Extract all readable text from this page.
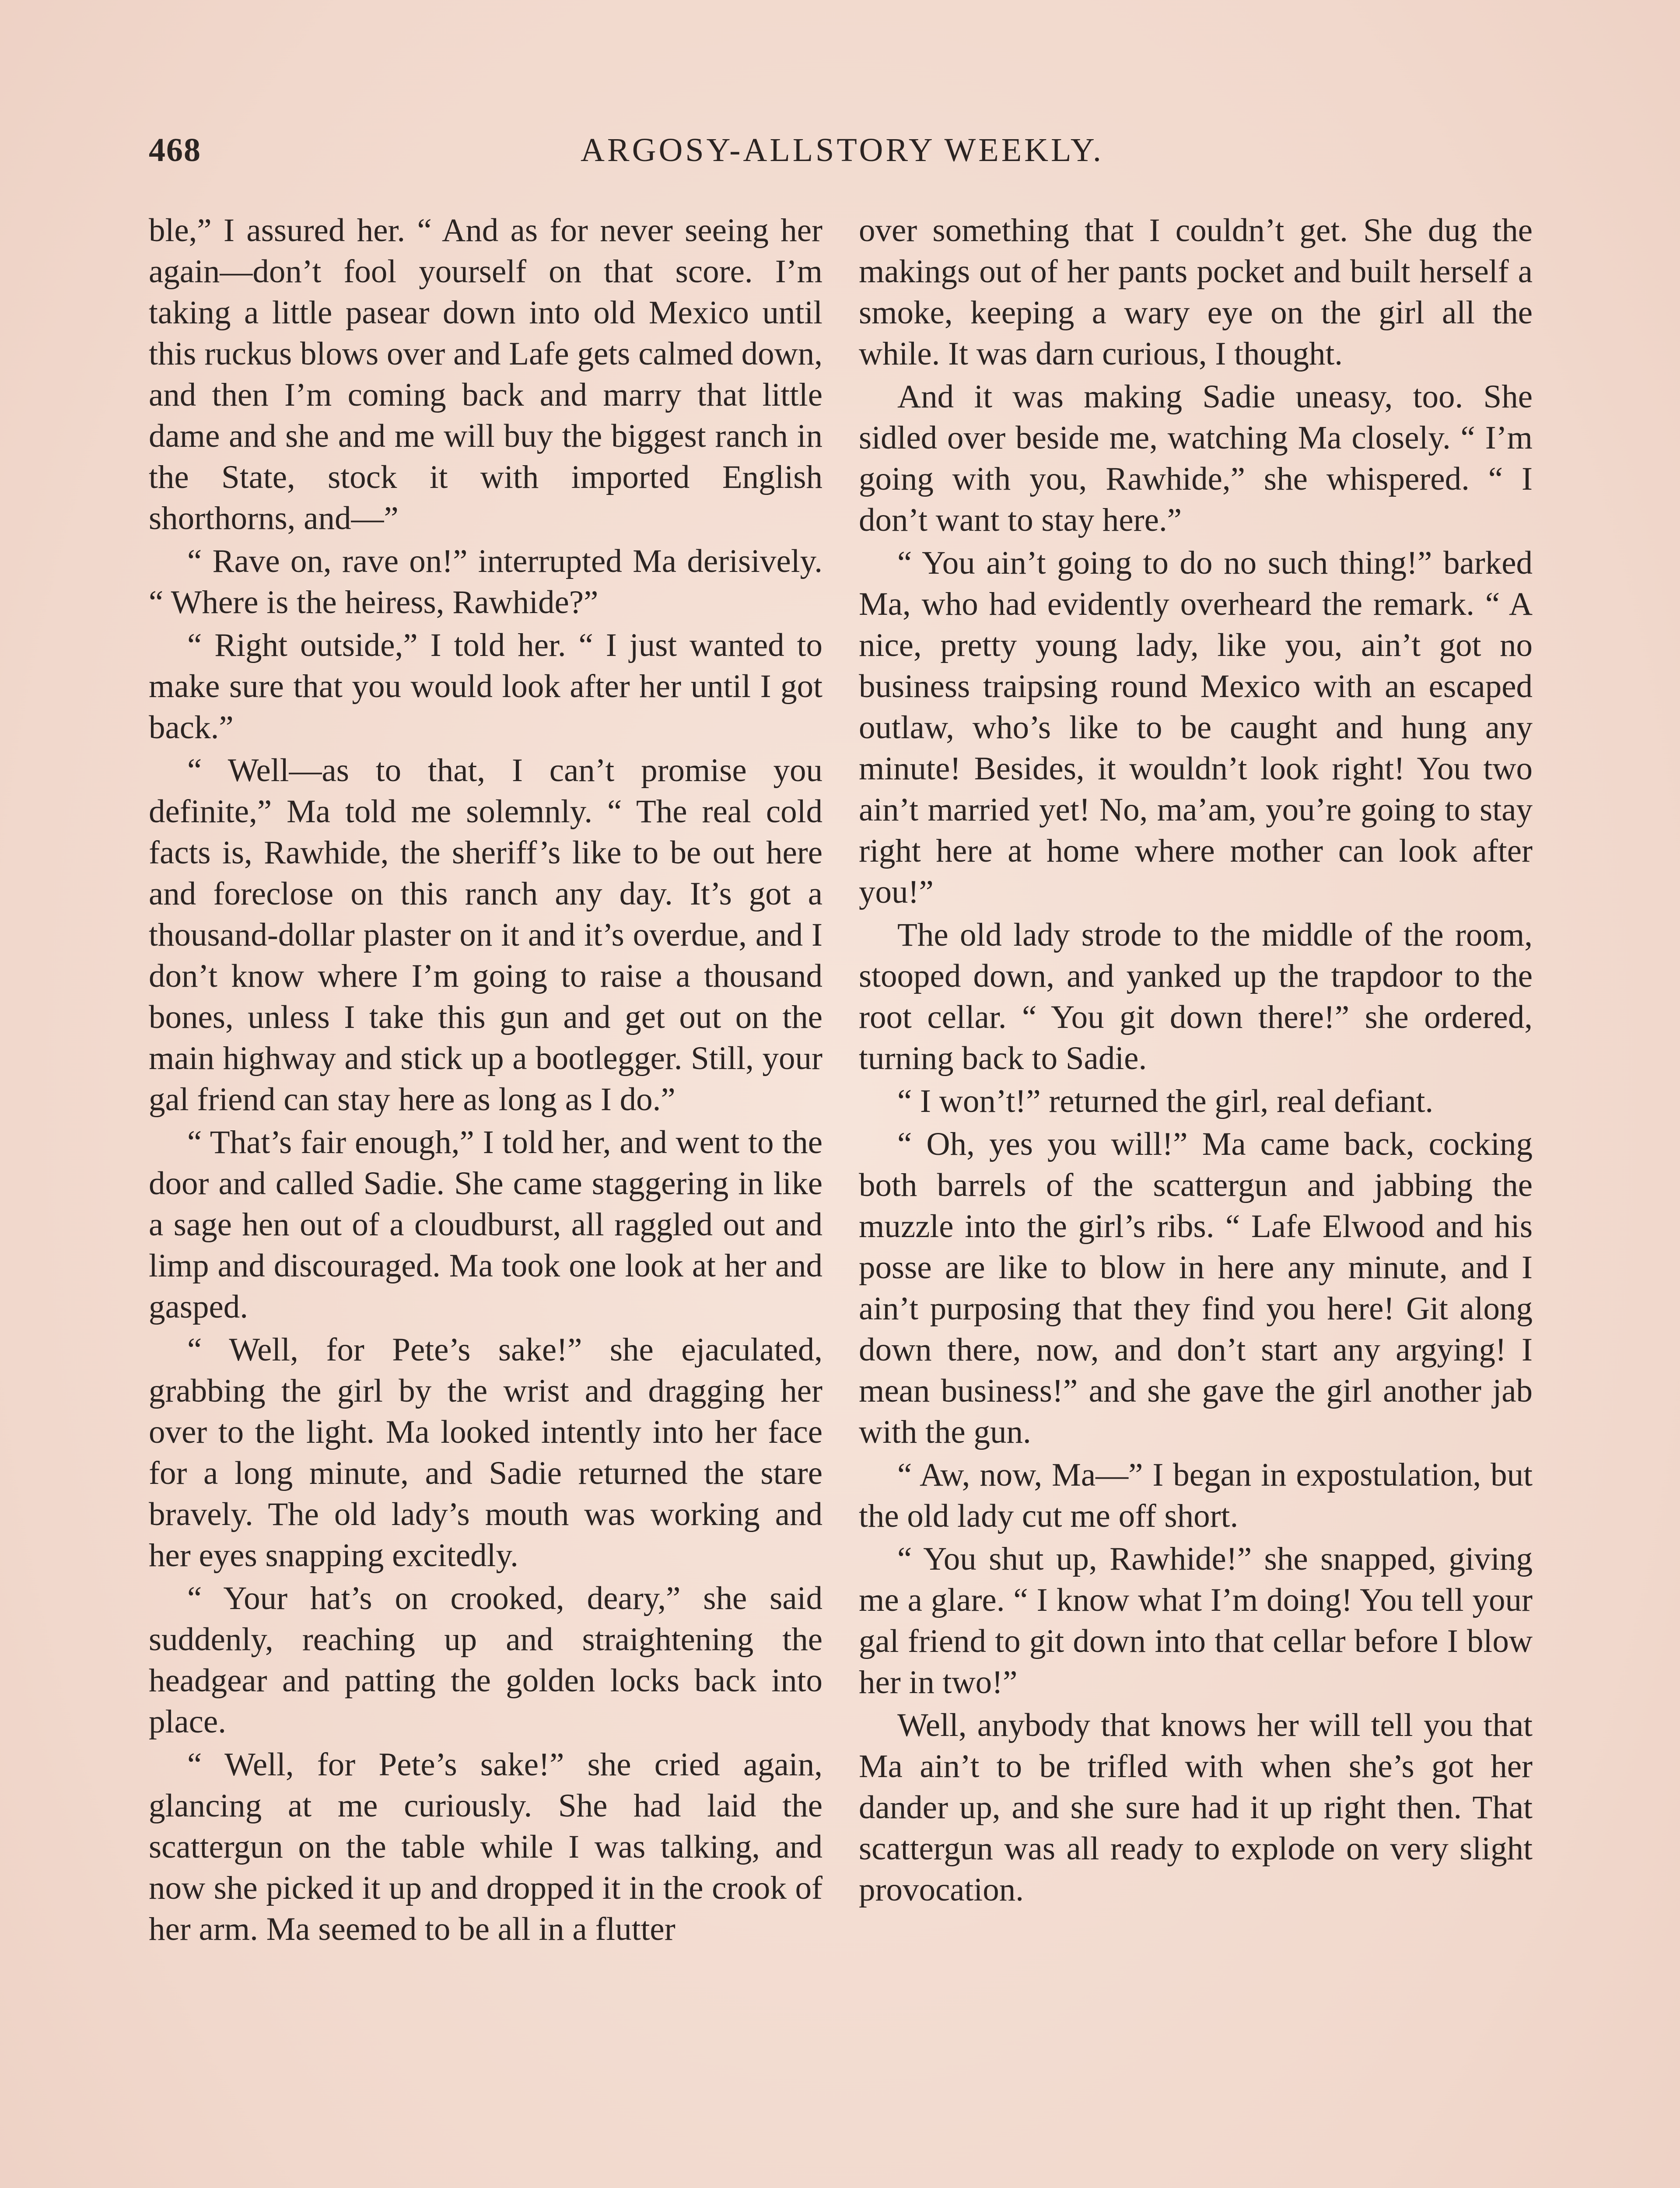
468	ARGOSY-ALLSTORY WEEKLY.

ble,” I assured her. “ And as for never seeing her again—don’t fool yourself on that score. I’m taking a little pasear down into old Mexico until this ruckus blows over and Lafe gets calmed down, and then I’m coming back and marry that little dame and she and me will buy the biggest ranch in the State, stock it with imported English shorthorns, and—”

“ Rave on, rave on!” interrupted Ma derisively. “ Where is the heiress, Rawhide?”

“ Right outside,” I told her. “ I just wanted to make sure that you would look after her until I got back.”

“ Well—as to that, I can’t promise you definite,” Ma told me solemnly. “ The real cold facts is, Rawhide, the sheriff’s like to be out here and foreclose on this ranch any day. It’s got a thousand-dollar plaster on it and it’s overdue, and I don’t know where I’m going to raise a thousand bones, unless I take this gun and get out on the main highway and stick up a bootlegger. Still, your gal friend can stay here as long as I do.”

“ That’s fair enough,” I told her, and went to the door and called Sadie. She came staggering in like a sage hen out of a cloudburst, all raggled out and limp and discouraged. Ma took one look at her and gasped.

“ Well, for Pete’s sake!” she ejaculated, grabbing the girl by the wrist and dragging her over to the light. Ma looked intently into her face for a long minute, and Sadie returned the stare bravely. The old lady’s mouth was working and her eyes snapping excitedly.

“ Your hat’s on crooked, deary,” she said suddenly, reaching up and straightening the headgear and patting the golden locks back into place.

“ Well, for Pete’s sake!” she cried again, glancing at me curiously. She had laid the scattergun on the table while I was talking, and now she picked it up and dropped it in the crook of her arm. Ma seemed to be all in a flutter

over something that I couldn’t get. She dug the makings out of her pants pocket and built herself a smoke, keeping a wary eye on the girl all the while. It was darn curious, I thought.

And it was making Sadie uneasy, too. She sidled over beside me, watching Ma closely. “ I’m going with you, Rawhide,” she whispered. “ I don’t want to stay here.”

“ You ain’t going to do no such thing!” barked Ma, who had evidently overheard the remark. “ A nice, pretty young lady, like you, ain’t got no business traipsing round Mexico with an escaped outlaw, who’s like to be caught and hung any minute! Besides, it wouldn’t look right! You two ain’t married yet! No, ma’am, you’re going to stay right here at home where mother can look after you!”

The old lady strode to the middle of the room, stooped down, and yanked up the trapdoor to the root cellar. “ You git down there!” she ordered, turning back to Sadie.

“ I won’t!” returned the girl, real defiant.

“ Oh, yes you will!” Ma came back, cocking both barrels of the scattergun and jabbing the muzzle into the girl’s ribs. “ Lafe Elwood and his posse are like to blow in here any minute, and I ain’t purposing that they find you here! Git along down there, now, and don’t start any argying! I mean business!” and she gave the girl another jab with the gun.

“ Aw, now, Ma—” I began in expostulation, but the old lady cut me off short.

“ You shut up, Rawhide!” she snapped, giving me a glare. “ I know what I’m doing! You tell your gal friend to git down into that cellar before I blow her in two!”

Well, anybody that knows her will tell you that Ma ain’t to be trifled with when she’s got her dander up, and she sure had it up right then. That scattergun was all ready to explode on very slight provocation.
